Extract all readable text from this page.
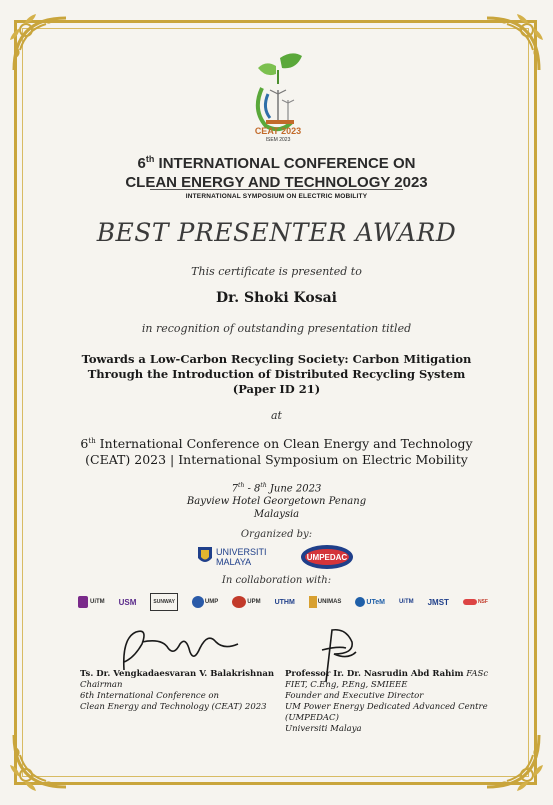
CEAT 2023
ISEM 2023
6th INTERNATIONAL CONFERENCE ON
CLEAN ENERGY AND TECHNOLOGY 2023
INTERNATIONAL SYMPOSIUM ON ELECTRIC MOBILITY
BEST PRESENTER AWARD
This certificate is presented to
Dr. Shoki Kosai
in recognition of outstanding presentation titled
Towards a Low-Carbon Recycling Society: Carbon Mitigation
Through the Introduction of Distributed Recycling System
(Paper ID 21)
at
6th International Conference on Clean Energy and Technology
(CEAT) 2023 | International Symposium on Electric Mobility
7th - 8th June 2023
Bayview Hotel Georgetown Penang
Malaysia
Organized by:
UNIVERSITI
MALAYA	UMPEDAC
In collaboration with:
UiTM USM	SUNWAY	UMP	UPM UTHM	UNIMAS	UTeM UiTM JMST	NSF
Ts. Dr. Vengkadaesvaran V. Balakrishnan
Chairman
6th International Conference on
Clean Energy and Technology (CEAT) 2023
Professor Ir. Dr. Nasrudin Abd Rahim FASc
FIET, C.Eng, P.Eng, SMIEEE
Founder and Executive Director
UM Power Energy Dedicated Advanced Centre
(UMPEDAC)
Universiti Malaya
